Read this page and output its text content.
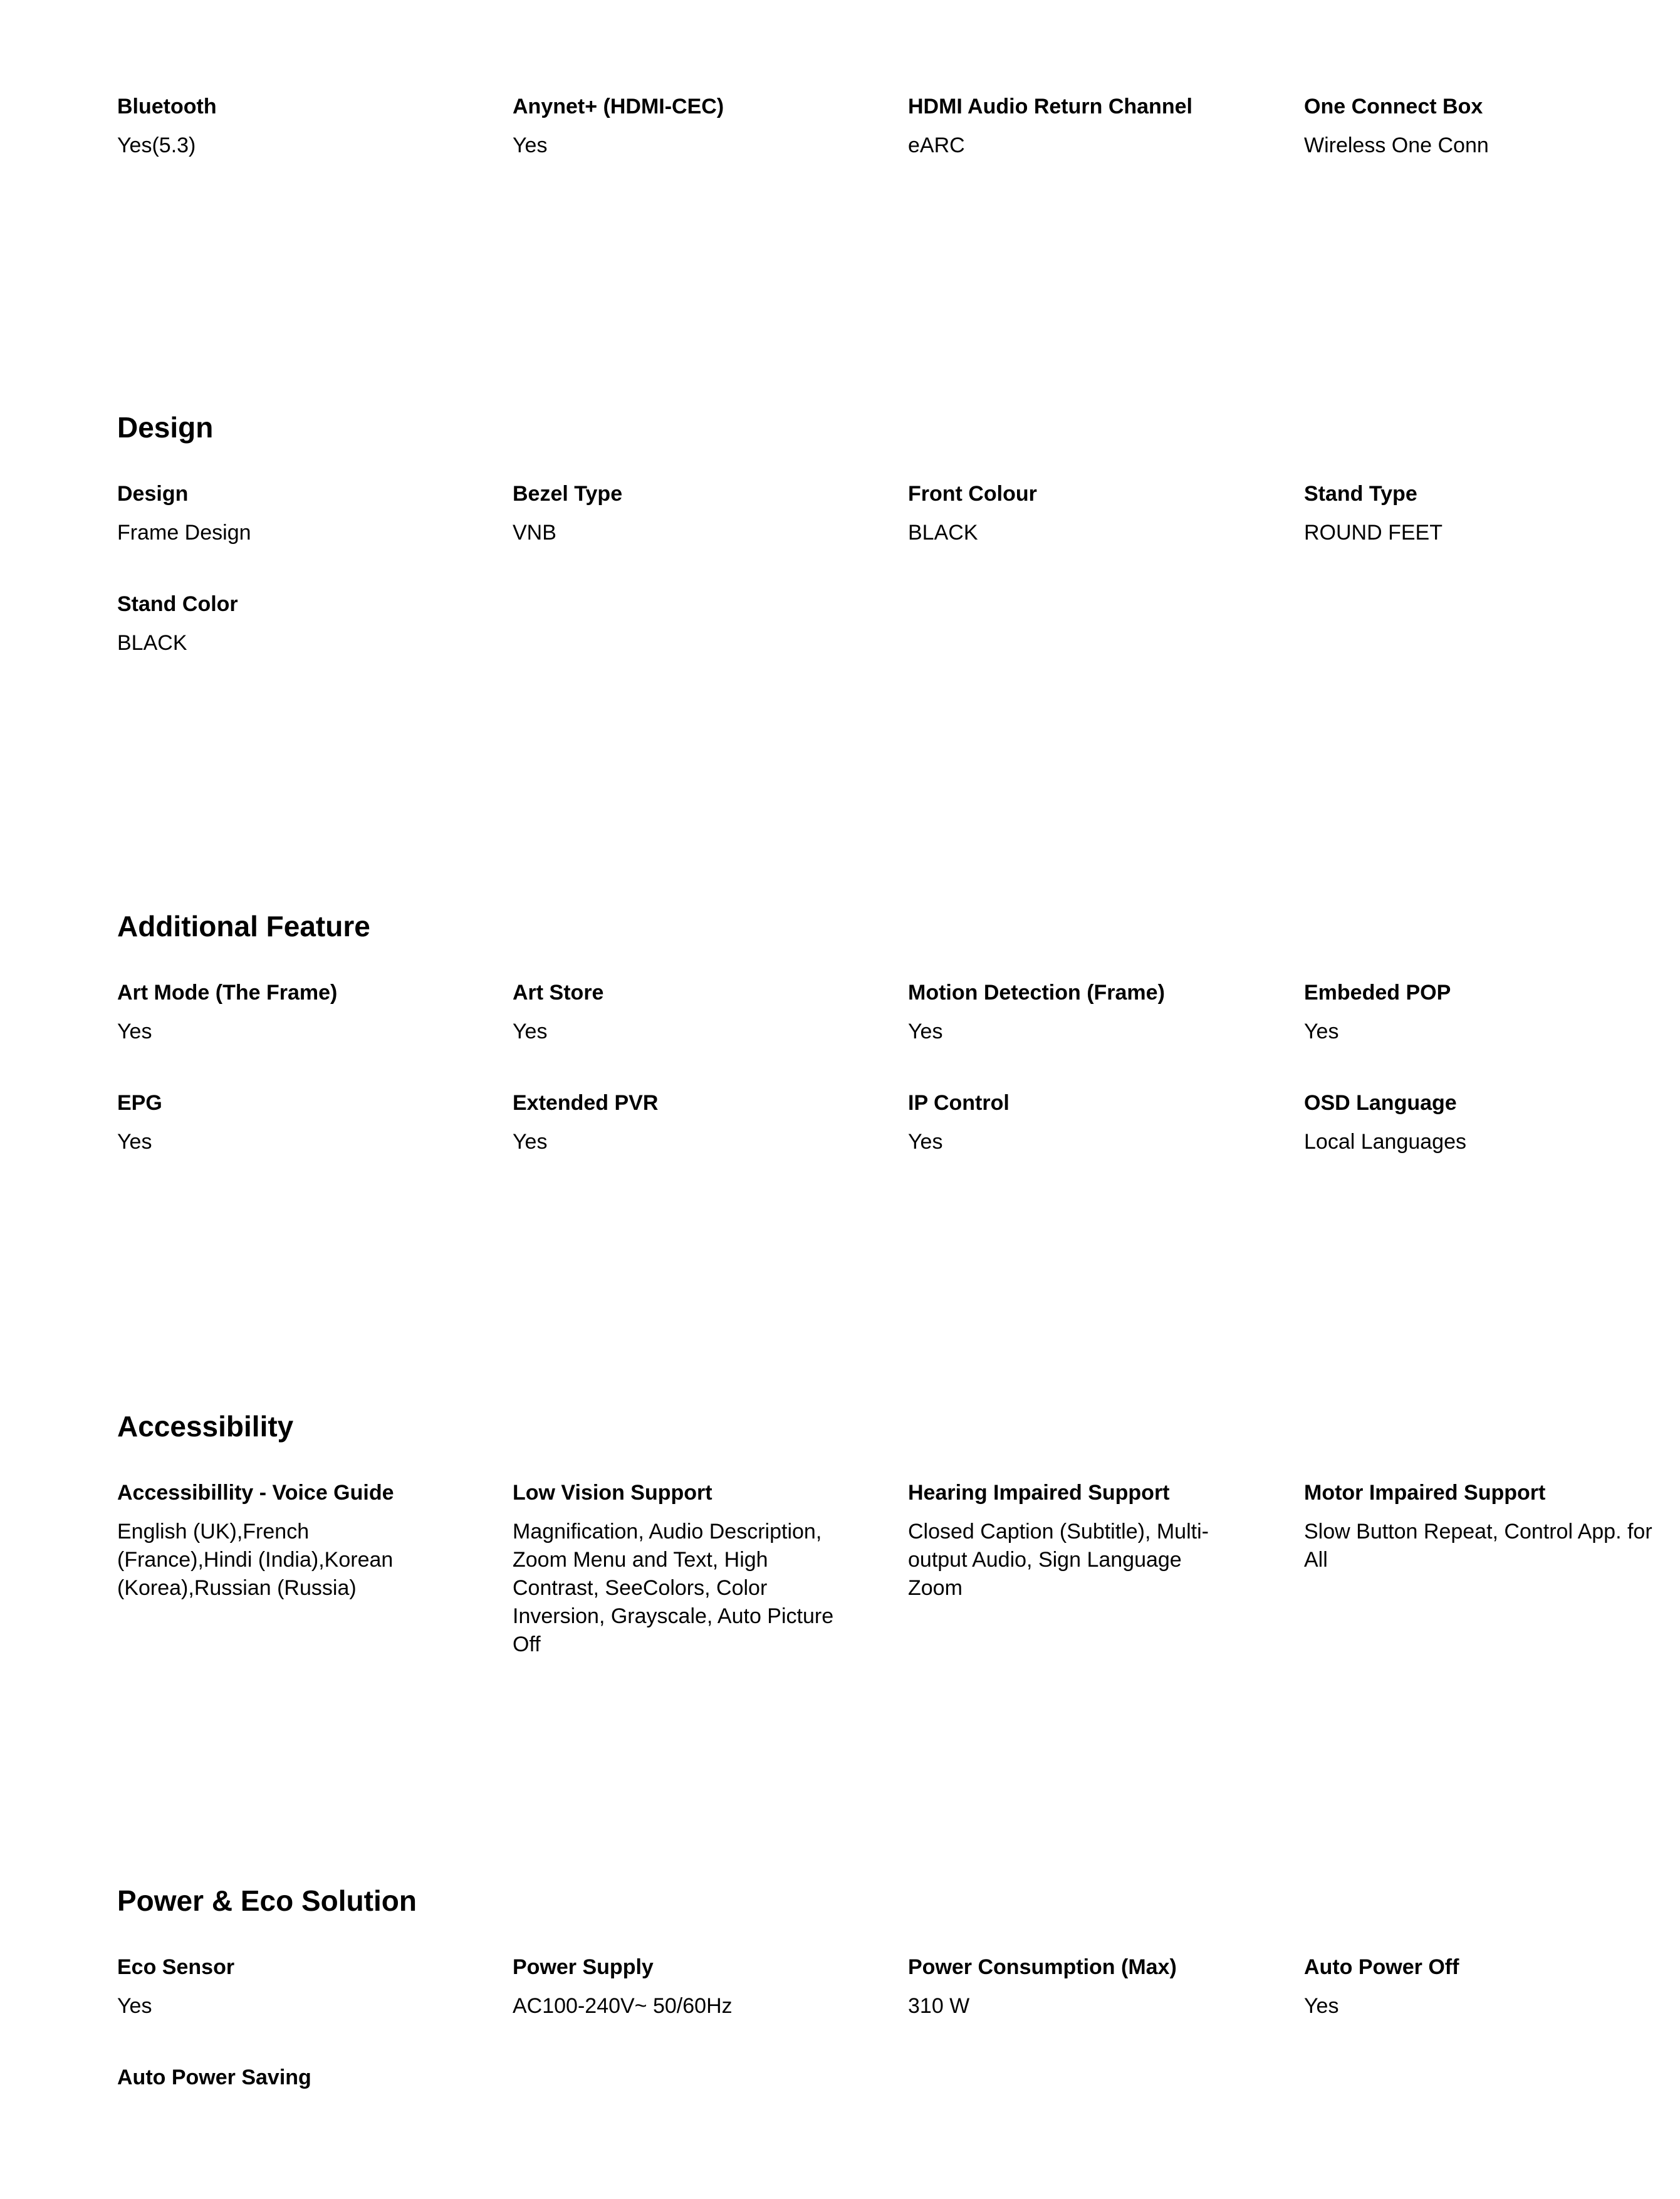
Bluetooth
Yes(5.3)
Anynet+ (HDMI-CEC)
Yes
HDMI Audio Return Channel
eARC
One Connect Box
Wireless One Conn
Design
Design
Frame Design
Bezel Type
VNB
Front Colour
BLACK
Stand Type
ROUND FEET
Stand Color
BLACK
Additional Feature
Art Mode (The Frame)
Yes
Art Store
Yes
Motion Detection (Frame)
Yes
Embeded POP
Yes
EPG
Yes
Extended PVR
Yes
IP Control
Yes
OSD Language
Local Languages
Accessibility
Accessibillity - Voice Guide
English (UK),French (France),Hindi (India),Korean (Korea),Russian (Russia)
Low Vision Support
Magnification, Audio Description, Zoom Menu and Text, High Contrast, SeeColors, Color Inversion, Grayscale, Auto Picture Off
Hearing Impaired Support
Closed Caption (Subtitle), Multi-output Audio, Sign Language Zoom
Motor Impaired Support
Slow Button Repeat, Control App. for All
Power & Eco Solution
Eco Sensor
Yes
Power Supply
AC100-240V~ 50/60Hz
Power Consumption (Max)
310 W
Auto Power Off
Yes
Auto Power Saving
